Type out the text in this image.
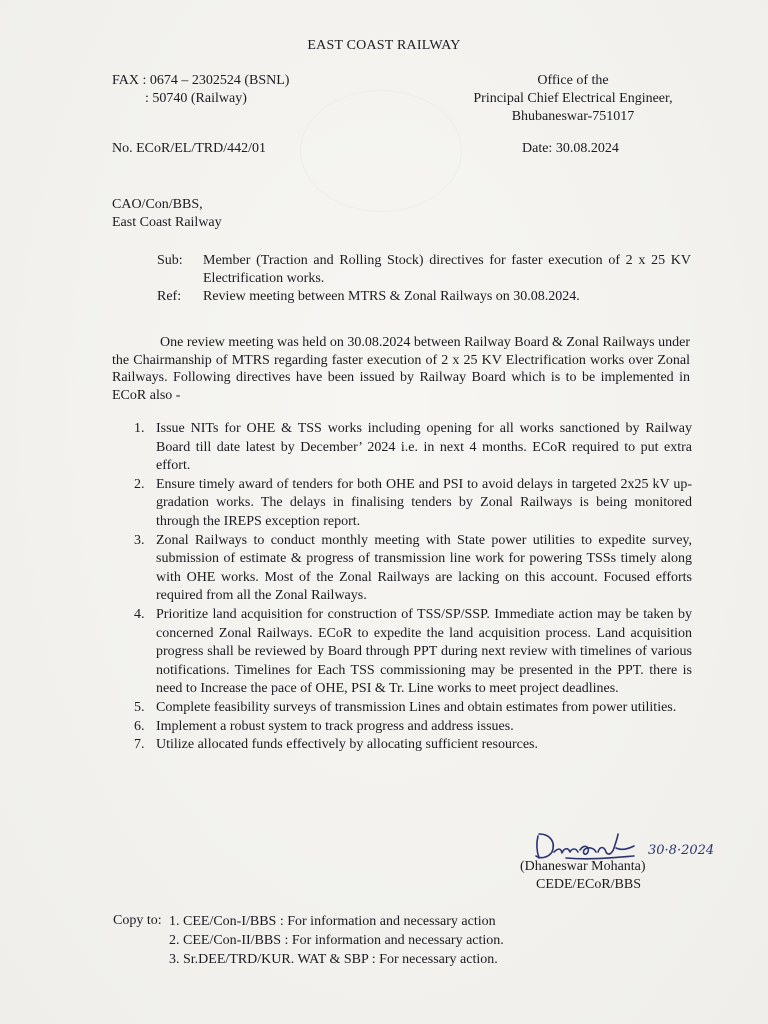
EAST COAST RAILWAY
FAX : 0674 – 2302524 (BSNL)
: 50740 (Railway)
Office of the
Principal Chief Electrical Engineer,
Bhubaneswar-751017
No. ECoR/EL/TRD/442/01	Date: 30.08.2024
CAO/Con/BBS,
East Coast Railway
Sub: Member (Traction and Rolling Stock) directives for faster execution of 2 x 25 KV Electrification works.
Ref: Review meeting between MTRS & Zonal Railways on 30.08.2024.
One review meeting was held on 30.08.2024 between Railway Board & Zonal Railways under the Chairmanship of MTRS regarding faster execution of 2 x 25 KV Electrification works over Zonal Railways. Following directives have been issued by Railway Board which is to be implemented in ECoR also -
1. Issue NITs for OHE & TSS works including opening for all works sanctioned by Railway Board till date latest by December’ 2024 i.e. in next 4 months. ECoR required to put extra effort.
2. Ensure timely award of tenders for both OHE and PSI to avoid delays in targeted 2x25 kV up-gradation works. The delays in finalising tenders by Zonal Railways is being monitored through the IREPS exception report.
3. Zonal Railways to conduct monthly meeting with State power utilities to expedite survey, submission of estimate & progress of transmission line work for powering TSSs timely along with OHE works. Most of the Zonal Railways are lacking on this account. Focused efforts required from all the Zonal Railways.
4. Prioritize land acquisition for construction of TSS/SP/SSP. Immediate action may be taken by concerned Zonal Railways. ECoR to expedite the land acquisition process. Land acquisition progress shall be reviewed by Board through PPT during next review with timelines of various notifications. Timelines for Each TSS commissioning may be presented in the PPT. there is need to Increase the pace of OHE, PSI & Tr. Line works to meet project deadlines.
5. Complete feasibility surveys of transmission Lines and obtain estimates from power utilities.
6. Implement a robust system to track progress and address issues.
7. Utilize allocated funds effectively by allocating sufficient resources.
30·8·2024
(Dhaneswar Mohanta)
CEDE/ECoR/BBS
Copy to: 1. CEE/Con-I/BBS : For information and necessary action
2. CEE/Con-II/BBS : For information and necessary action.
3. Sr.DEE/TRD/KUR. WAT & SBP : For necessary action.
